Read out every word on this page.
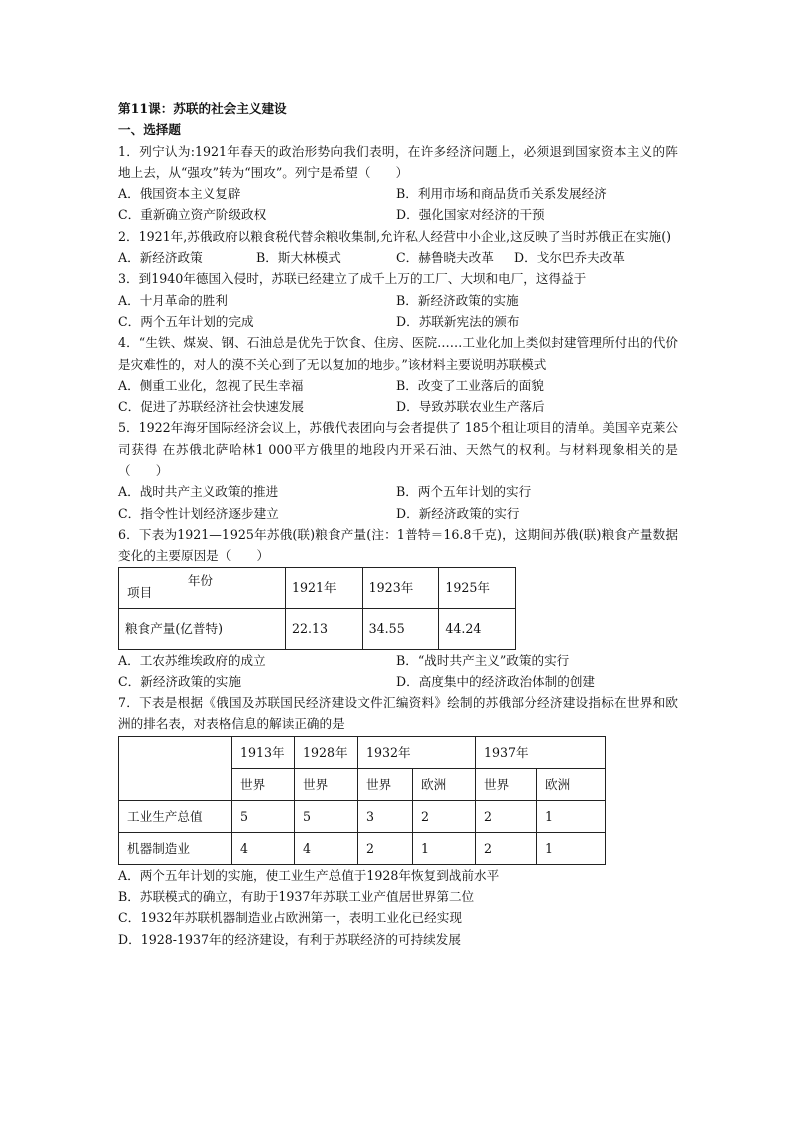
第11课：苏联的社会主义建设
一、选择题
1．列宁认为:1921年春天的政治形势向我们表明，在许多经济问题上，必须退到国家资本主义的阵地上去，从“强攻”转为“围攻”。列宁是希望（　　）
A．俄国资本主义复辟	B．利用市场和商品货币关系发展经济
C．重新确立资产阶级政权	D．强化国家对经济的干预
2．1921年,苏俄政府以粮食税代替余粮收集制,允许私人经营中小企业,这反映了当时苏俄正在实施()
A．新经济政策	B．斯大林模式	C．赫鲁晓夫改革	D．戈尔巴乔夫改革
3．到1940年德国入侵时，苏联已经建立了成千上万的工厂、大坝和电厂，这得益于
A．十月革命的胜利	B．新经济政策的实施
C．两个五年计划的完成	D．苏联新宪法的颁布
4．“生铁、煤炭、钢、石油总是优先于饮食、住房、医院……工业化加上类似封建管理所付出的代价是灾难性的，对人的漠不关心到了无以复加的地步。”该材料主要说明苏联模式
A．侧重工业化，忽视了民生幸福	B．改变了工业落后的面貌
C．促进了苏联经济社会快速发展	D．导致苏联农业生产落后
5．1922年海牙国际经济会议上，苏俄代表团向与会者提供了 185个租让项目的清单。美国辛克莱公司获得 在苏俄北萨哈林1 000平方俄里的地段内开采石油、天然气的权利。与材料现象相关的是（　　）
A．战时共产主义政策的推进	B．两个五年计划的实行
C．指令性计划经济逐步建立	D．新经济政策的实行
6．下表为1921—1925年苏俄(联)粮食产量(注：1普特＝16.8千克)，这期间苏俄(联)粮食产量数据变化的主要原因是（　　）
年份
项目	1921年	1923年	1925年
粮食产量(亿普特)	22.13	34.55	44.24
A．工农苏维埃政府的成立	B．“战时共产主义”政策的实行
C．新经济政策的实施	D．高度集中的经济政治体制的创建
7．下表是根据《俄国及苏联国民经济建设文件汇编资料》绘制的苏俄部分经济建设指标在世界和欧洲的排名表，对表格信息的解读正确的是
	1913年	1928年	1932年		1937年	
	世界	世界	世界	欧洲	世界	欧洲
工业生产总值	5	5	3	2	2	1
机器制造业	4	4	2	1	2	1
A．两个五年计划的实施，使工业生产总值于1928年恢复到战前水平
B．苏联模式的确立，有助于1937年苏联工业产值居世界第二位
C．1932年苏联机器制造业占欧洲第一，表明工业化已经实现
D．1928-1937年的经济建设，有利于苏联经济的可持续发展
